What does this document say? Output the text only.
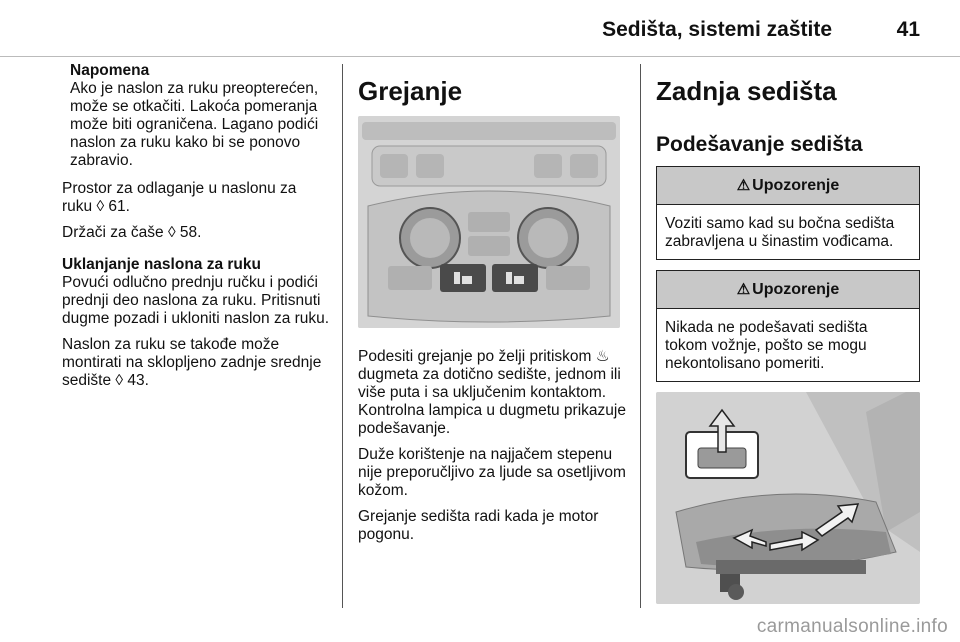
Sedišta, sistemi zaštite	41
Napomena

Ako je naslon za ruku preopterećen, može se otkačiti. Lakoća pomeranja može biti ograničena. Lagano podići naslon za ruku kako bi se ponovo zabravio.

Prostor za odlaganje u naslonu za ruku ◊ 61.

Držači za čaše ◊ 58.

Uklanjanje naslona za ruku

Povući odlučno prednju ručku i podići prednji deo naslona za ruku. Pritisnuti dugme pozadi i ukloniti naslon za ruku.

Naslon za ruku se takođe može montirati na sklopljeno zadnje srednje sedište ◊ 43.

Grejanje

Podesiti grejanje po želji pritiskom ♨ dugmeta za dotično sedište, jednom ili više puta i sa uključenim kontaktom. Kontrolna lampica u dugmetu prikazuje podešavanje.

Duže korištenje na najjačem stepenu nije preporučljivo za ljude sa osetljivom kožom.

Grejanje sedišta radi kada je motor pogonu.

Zadnja sedišta
Podešavanje sedišta
⚠ Upozorenje
Voziti samo kad su bočna sedišta zabravljena u šinastim vođicama.
⚠ Upozorenje
Nikada ne podešavati sedišta tokom vožnje, pošto se mogu nekontolisano pomeriti.
carmanualsonline.info
